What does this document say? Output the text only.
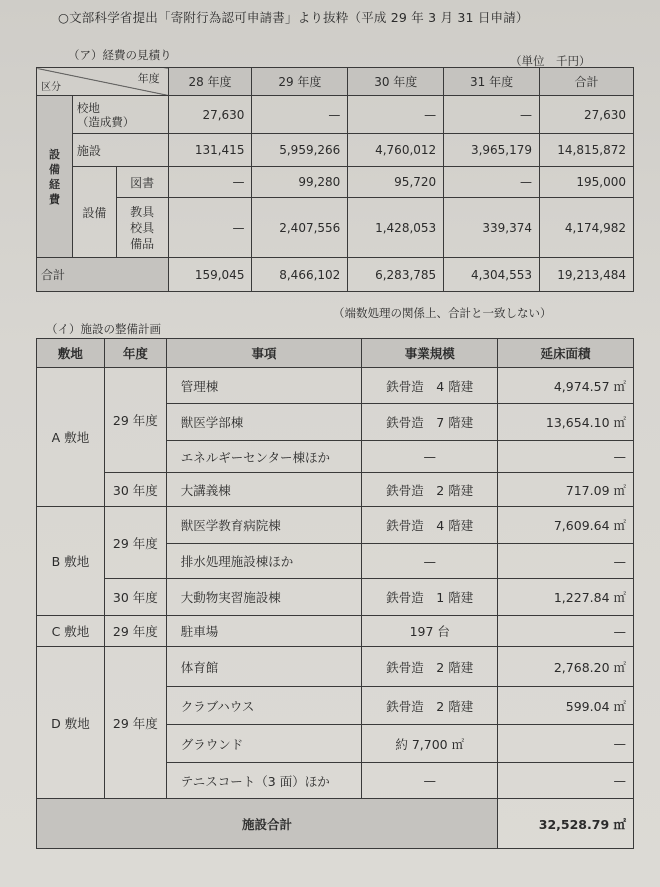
○文部科学省提出「寄附行為認可申請書」より抜粋（平成 29 年 3 月 31 日申請）
（ア）経費の見積り	（単位　千円）
年度
区分			28 年度	29 年度	30 年度	31 年度	合計

設備経費	校地
（造成費）		27,630	—	—	—	27,630
	施設		131,415	5,959,266	4,760,012	3,965,179	14,815,872
	設備	図書	—	99,280	95,720	—	195,000
		教具
校具
備品	—	2,407,556	1,428,053	339,374	4,174,982
合計			159,045	8,466,102	6,283,785	4,304,553	19,213,484
（端数処理の関係上、合計と一致しない）
（イ）施設の整備計画
敷地	年度	事項	事業規模	延床面積
A 敷地	29 年度	管理棟	鉄骨造　4 階建	4,974.57 ㎡
		獣医学部棟	鉄骨造　7 階建	13,654.10 ㎡
		エネルギーセンター棟ほか	—	—
	30 年度	大講義棟	鉄骨造　2 階建	717.09 ㎡
B 敷地	29 年度	獣医学教育病院棟	鉄骨造　4 階建	7,609.64 ㎡
		排水処理施設棟ほか	—	—
	30 年度	大動物実習施設棟	鉄骨造　1 階建	1,227.84 ㎡
C 敷地	29 年度	駐車場	197 台	—
D 敷地	29 年度	体育館	鉄骨造　2 階建	2,768.20 ㎡
		クラブハウス	鉄骨造　2 階建	599.04 ㎡
		グラウンド	約 7,700 ㎡	—
		テニスコート（3 面）ほか	—	—
施設合計				32,528.79 ㎡
